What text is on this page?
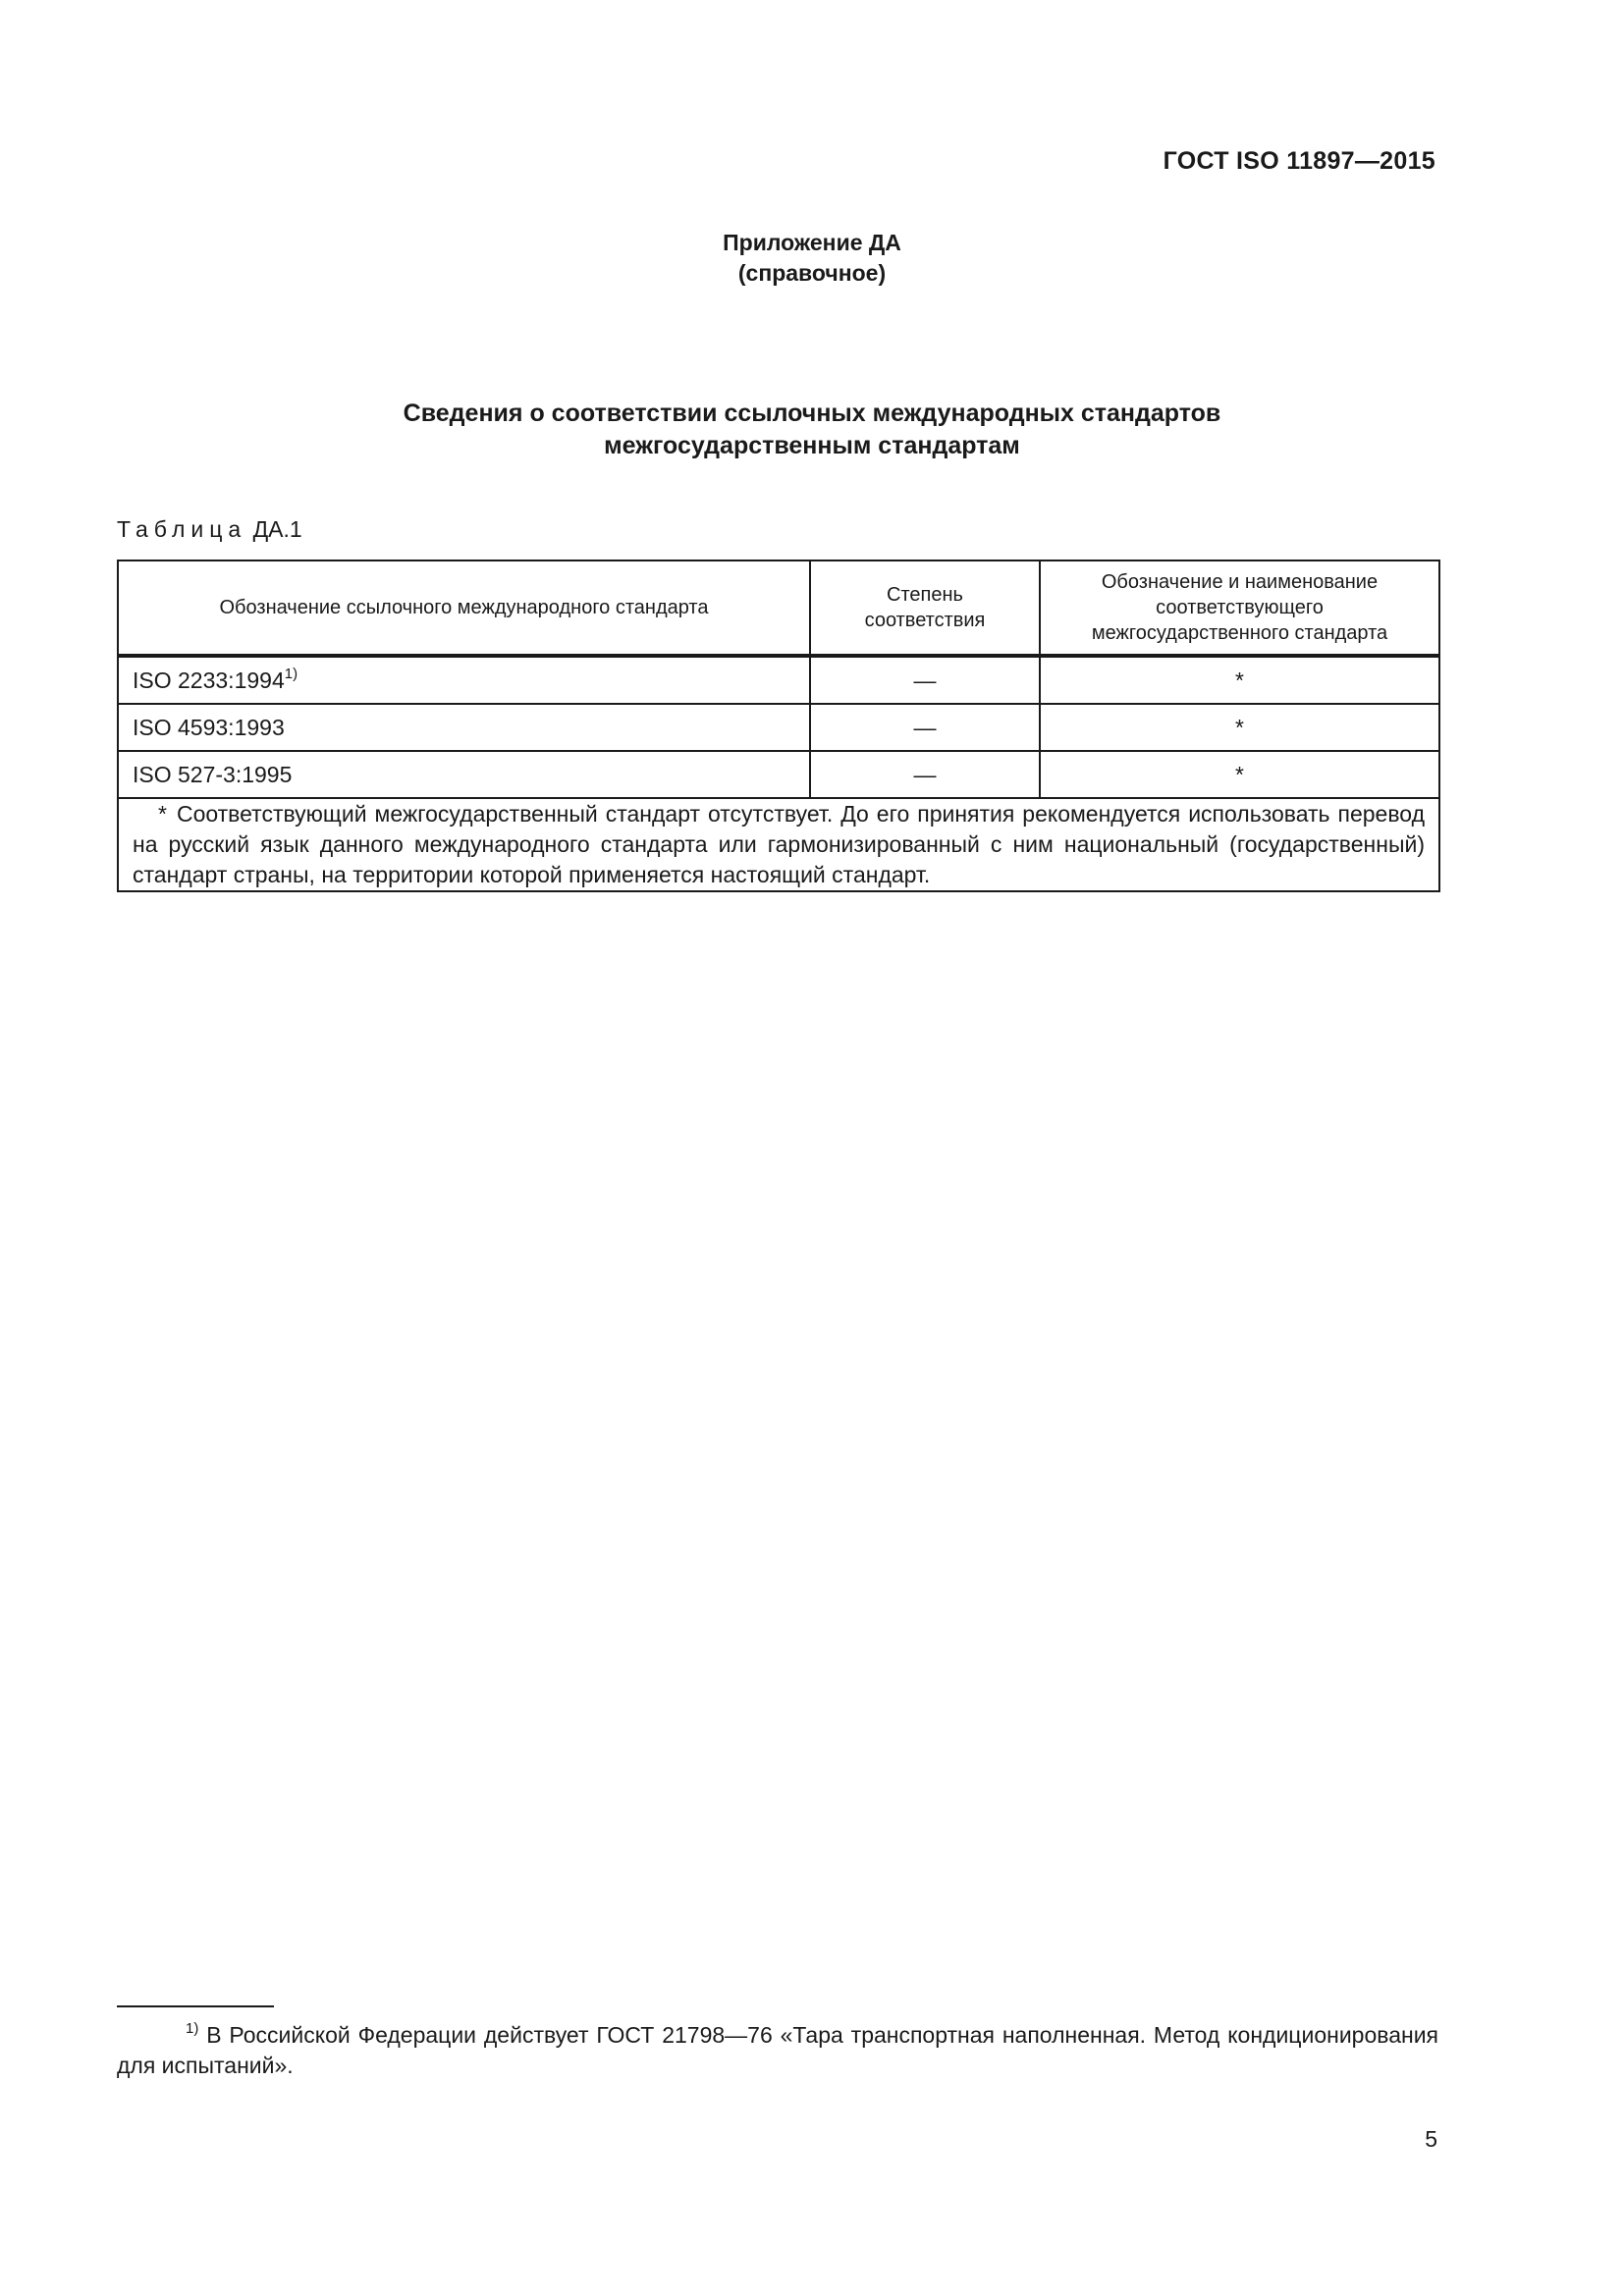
ГОСТ ISO 11897—2015
Приложение ДА
(справочное)
Сведения о соответствии ссылочных международных стандартов
межгосударственным стандартам
Таблица ДА.1
Обозначение ссылочного международного стандарта	Степень соответствия	Обозначение и наименование соответствующего межгосударственного стандарта
ISO 2233:1994$^{1)}$	—	*
ISO 4593:1993	—	*
ISO 527-3:1995	—	*
* Соответствующий межгосударственный стандарт отсутствует. До его принятия рекомендуется использовать перевод на русский язык данного международного стандарта или гармонизированный с ним национальный (государственный) стандарт страны, на территории которой применяется настоящий стандарт.		
$^{1)}$ В Российской Федерации действует ГОСТ 21798—76 «Тара транспортная наполненная. Метод кондиционирования для испытаний».
5
